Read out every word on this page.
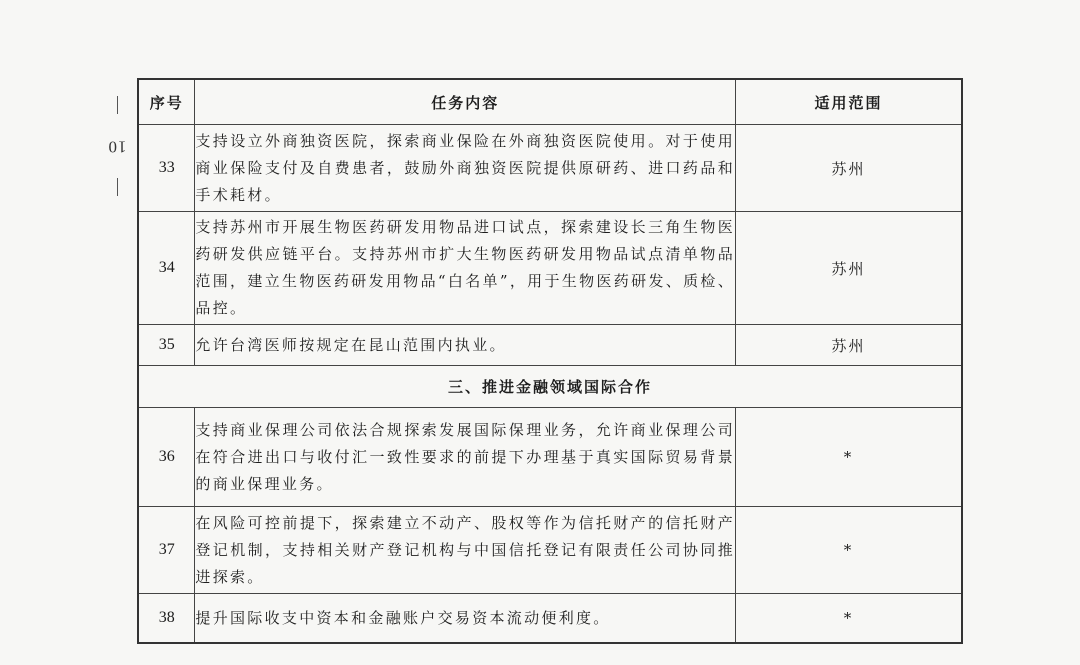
10
序号	任务内容	适用范围
33	支持设立外商独资医院，探索商业保险在外商独资医院使用。对于使用商业保险支付及自费患者，鼓励外商独资医院提供原研药、进口药品和手术耗材。	苏州
34	支持苏州市开展生物医药研发用物品进口试点，探索建设长三角生物医药研发供应链平台。支持苏州市扩大生物医药研发用物品试点清单物品范围，建立生物医药研发用物品“白名单”，用于生物医药研发、质检、品控。	苏州
35	允许台湾医师按规定在昆山范围内执业。	苏州
三、推进金融领域国际合作		
36	支持商业保理公司依法合规探索发展国际保理业务，允许商业保理公司在符合进出口与收付汇一致性要求的前提下办理基于真实国际贸易背景的商业保理业务。	*
37	在风险可控前提下，探索建立不动产、股权等作为信托财产的信托财产登记机制，支持相关财产登记机构与中国信托登记有限责任公司协同推进探索。	*
38	提升国际收支中资本和金融账户交易资本流动便利度。	*
